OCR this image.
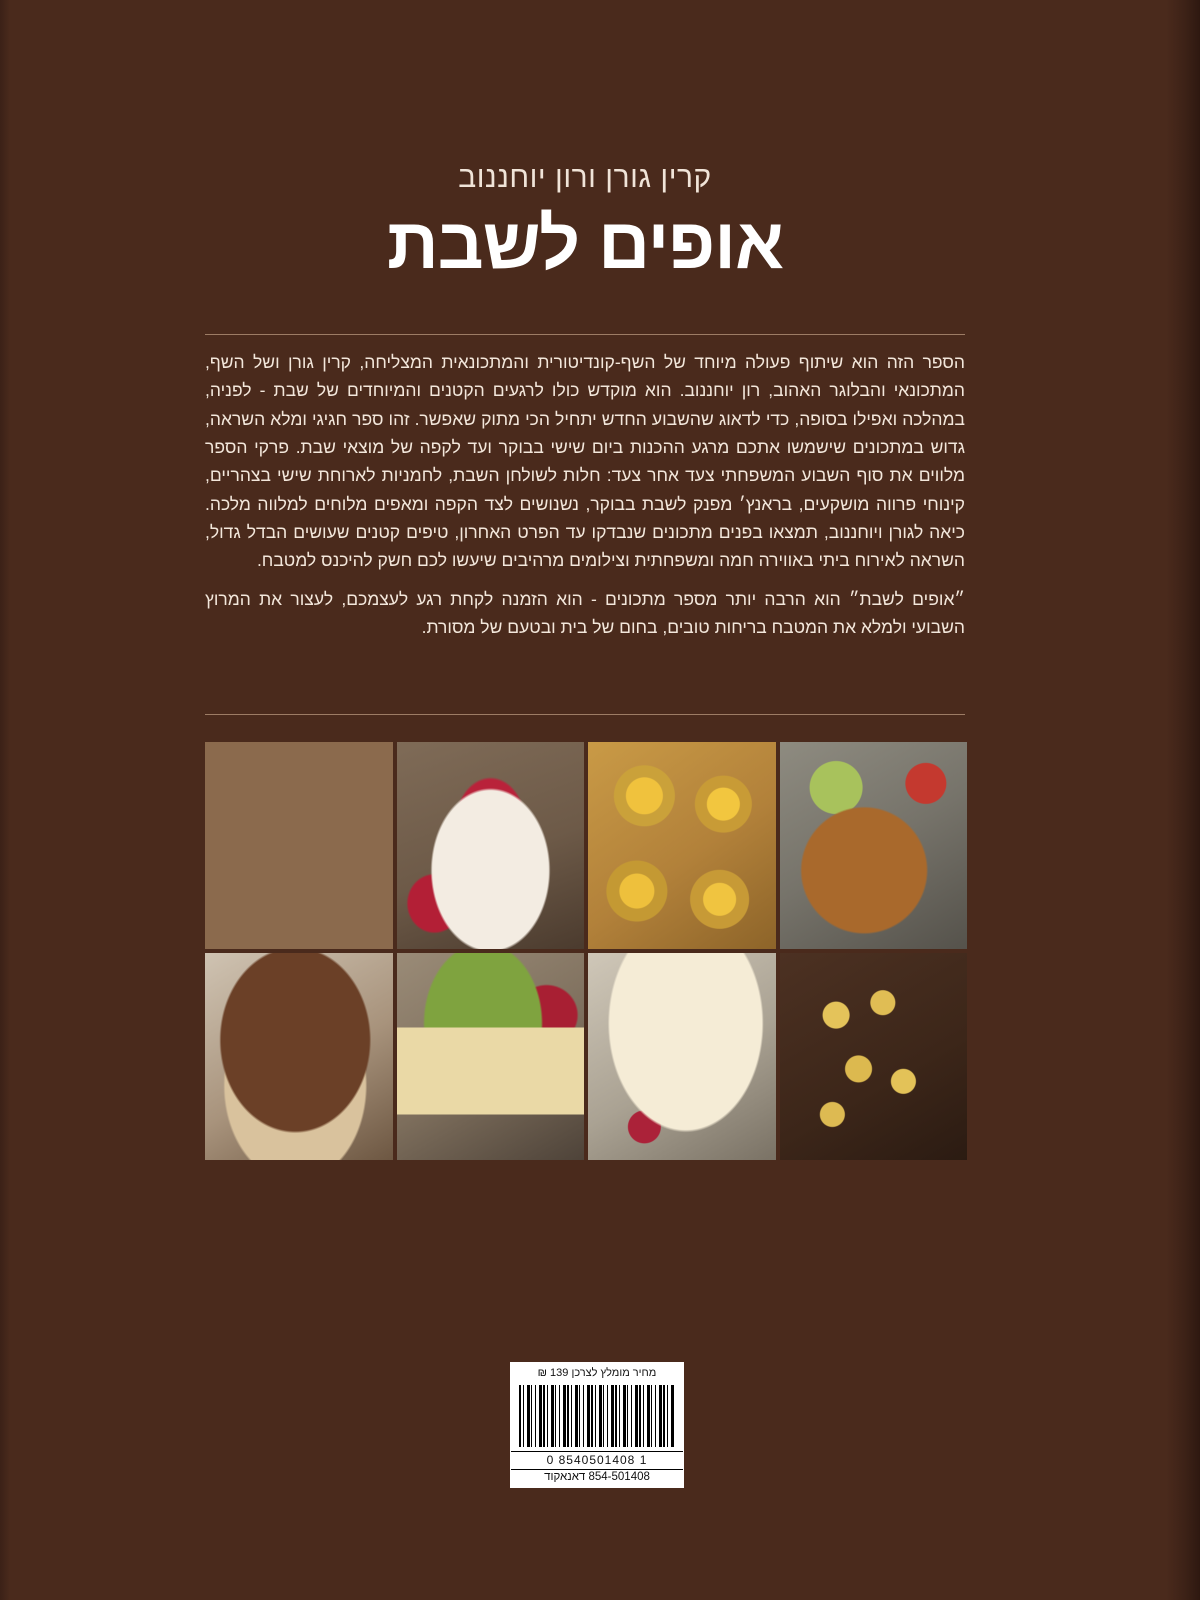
קרין גורן ורון יוחננוב
אופים לשבת

הספר הזה הוא שיתוף פעולה מיוחד של השף‑קונדיטורית והמתכונאית המצליחה, קרין גורן ושל השף, המתכונאי והבלוגר האהוב, רון יוחננוב. הוא מוקדש כולו לרגעים הקטנים והמיוחדים של שבת ‑ לפניה, במהלכה ואפילו בסופה, כדי לדאוג שהשבוע החדש יתחיל הכי מתוק שאפשר. זהו ספר חגיגי ומלא השראה, גדוש במתכונים שישמשו אתכם מרגע ההכנות ביום שישי בבוקר ועד לקפה של מוצאי שבת. פרקי הספר מלווים את סוף השבוע המשפחתי צעד אחר צעד: חלות לשולחן השבת, לחמניות לארוחת שישי בצהריים, קינוחי פרווה מושקעים, בראנץ׳ מפנק לשבת בבוקר, נשנושים לצד הקפה ומאפים מלוחים למלווה מלכה. כיאה לגורן ויוחננוב, תמצאו בפנים מתכונים שנבדקו עד הפרט האחרון, טיפים קטנים שעושים הבדל גדול, השראה לאירוח ביתי באווירה חמה ומשפחתית וצילומים מרהיבים שיעשו לכם חשק להיכנס למטבח.

״אופים לשבת״ הוא הרבה יותר מספר מתכונים ‑ הוא הזמנה לקחת רגע לעצמכם, לעצור את המרוץ השבועי ולמלא את המטבח בריחות טובים, בחום של בית ובטעם של מסורת.

מחיר מומלץ לצרכן 139 ₪
0 8540501408 1
854-501408 דאנאקוד
